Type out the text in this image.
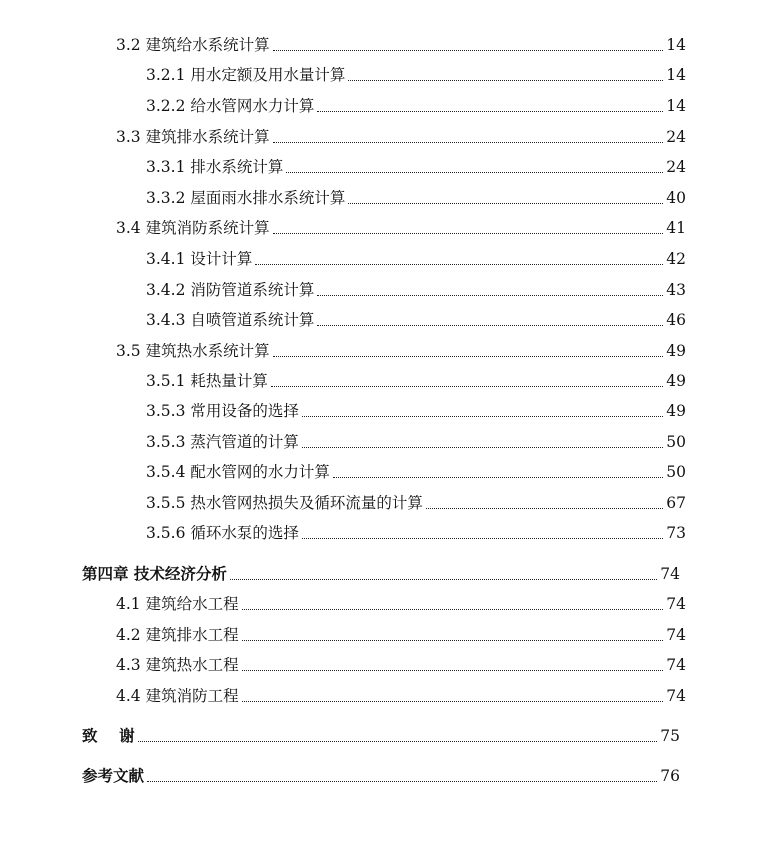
3.2 建筑给水系统计算	14
3.2.1 用水定额及用水量计算	14
3.2.2 给水管网水力计算	14
3.3 建筑排水系统计算	24
3.3.1 排水系统计算	24
3.3.2 屋面雨水排水系统计算	40
3.4 建筑消防系统计算	41
3.4.1 设计计算	42
3.4.2 消防管道系统计算	43
3.4.3 自喷管道系统计算	46
3.5 建筑热水系统计算	49
3.5.1 耗热量计算	49
3.5.3 常用设备的选择	49
3.5.3 蒸汽管道的计算	50
3.5.4 配水管网的水力计算	50
3.5.5 热水管网热损失及循环流量的计算	67
3.5.6 循环水泵的选择	73
第四章 技术经济分析	74
4.1 建筑给水工程	74
4.2 建筑排水工程	74
4.3 建筑热水工程	74
4.4 建筑消防工程	74
致    谢	75
参考文献	76
